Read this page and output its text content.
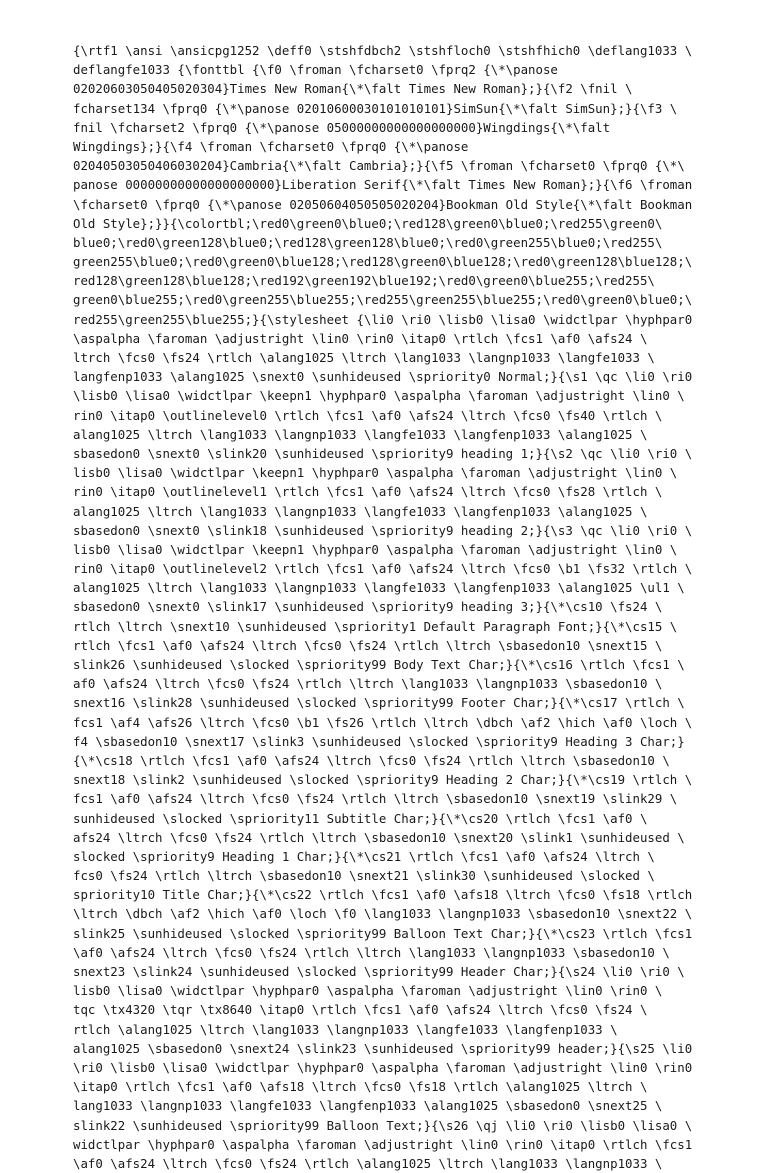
{\rtf1 \ansi \ansicpg1252 \deff0 \stshfdbch2 \stshfloch0 \stshfhich0 \deflang1033 \
deflangfe1033 {\fonttbl {\f0 \froman \fcharset0 \fprq2 {\*\panose
02020603050405020304}Times New Roman{\*\falt Times New Roman};}{\f2 \fnil \
fcharset134 \fprq0 {\*\panose 02010600030101010101}SimSun{\*\falt SimSun};}{\f3 \
fnil \fcharset2 \fprq0 {\*\panose 05000000000000000000}Wingdings{\*\falt
Wingdings};}{\f4 \froman \fcharset0 \fprq0 {\*\panose
02040503050406030204}Cambria{\*\falt Cambria};}{\f5 \froman \fcharset0 \fprq0 {\*\
panose 00000000000000000000}Liberation Serif{\*\falt Times New Roman};}{\f6 \froman
\fcharset0 \fprq0 {\*\panose 02050604050505020204}Bookman Old Style{\*\falt Bookman
Old Style};}}{\colortbl;\red0\green0\blue0;\red128\green0\blue0;\red255\green0\
blue0;\red0\green128\blue0;\red128\green128\blue0;\red0\green255\blue0;\red255\
green255\blue0;\red0\green0\blue128;\red128\green0\blue128;\red0\green128\blue128;\
red128\green128\blue128;\red192\green192\blue192;\red0\green0\blue255;\red255\
green0\blue255;\red0\green255\blue255;\red255\green255\blue255;\red0\green0\blue0;\
red255\green255\blue255;}{\stylesheet {\li0 \ri0 \lisb0 \lisa0 \widctlpar \hyphpar0
\aspalpha \faroman \adjustright \lin0 \rin0 \itap0 \rtlch \fcs1 \af0 \afs24 \
ltrch \fcs0 \fs24 \rtlch \alang1025 \ltrch \lang1033 \langnp1033 \langfe1033 \
langfenp1033 \alang1025 \snext0 \sunhideused \spriority0 Normal;}{\s1 \qc \li0 \ri0
\lisb0 \lisa0 \widctlpar \keepn1 \hyphpar0 \aspalpha \faroman \adjustright \lin0 \
rin0 \itap0 \outlinelevel0 \rtlch \fcs1 \af0 \afs24 \ltrch \fcs0 \fs40 \rtlch \
alang1025 \ltrch \lang1033 \langnp1033 \langfe1033 \langfenp1033 \alang1025 \
sbasedon0 \snext0 \slink20 \sunhideused \spriority9 heading 1;}{\s2 \qc \li0 \ri0 \
lisb0 \lisa0 \widctlpar \keepn1 \hyphpar0 \aspalpha \faroman \adjustright \lin0 \
rin0 \itap0 \outlinelevel1 \rtlch \fcs1 \af0 \afs24 \ltrch \fcs0 \fs28 \rtlch \
alang1025 \ltrch \lang1033 \langnp1033 \langfe1033 \langfenp1033 \alang1025 \
sbasedon0 \snext0 \slink18 \sunhideused \spriority9 heading 2;}{\s3 \qc \li0 \ri0 \
lisb0 \lisa0 \widctlpar \keepn1 \hyphpar0 \aspalpha \faroman \adjustright \lin0 \
rin0 \itap0 \outlinelevel2 \rtlch \fcs1 \af0 \afs24 \ltrch \fcs0 \b1 \fs32 \rtlch \
alang1025 \ltrch \lang1033 \langnp1033 \langfe1033 \langfenp1033 \alang1025 \ul1 \
sbasedon0 \snext0 \slink17 \sunhideused \spriority9 heading 3;}{\*\cs10 \fs24 \
rtlch \ltrch \snext10 \sunhideused \spriority1 Default Paragraph Font;}{\*\cs15 \
rtlch \fcs1 \af0 \afs24 \ltrch \fcs0 \fs24 \rtlch \ltrch \sbasedon10 \snext15 \
slink26 \sunhideused \slocked \spriority99 Body Text Char;}{\*\cs16 \rtlch \fcs1 \
af0 \afs24 \ltrch \fcs0 \fs24 \rtlch \ltrch \lang1033 \langnp1033 \sbasedon10 \
snext16 \slink28 \sunhideused \slocked \spriority99 Footer Char;}{\*\cs17 \rtlch \
fcs1 \af4 \afs26 \ltrch \fcs0 \b1 \fs26 \rtlch \ltrch \dbch \af2 \hich \af0 \loch \
f4 \sbasedon10 \snext17 \slink3 \sunhideused \slocked \spriority9 Heading 3 Char;}
{\*\cs18 \rtlch \fcs1 \af0 \afs24 \ltrch \fcs0 \fs24 \rtlch \ltrch \sbasedon10 \
snext18 \slink2 \sunhideused \slocked \spriority9 Heading 2 Char;}{\*\cs19 \rtlch \
fcs1 \af0 \afs24 \ltrch \fcs0 \fs24 \rtlch \ltrch \sbasedon10 \snext19 \slink29 \
sunhideused \slocked \spriority11 Subtitle Char;}{\*\cs20 \rtlch \fcs1 \af0 \
afs24 \ltrch \fcs0 \fs24 \rtlch \ltrch \sbasedon10 \snext20 \slink1 \sunhideused \
slocked \spriority9 Heading 1 Char;}{\*\cs21 \rtlch \fcs1 \af0 \afs24 \ltrch \
fcs0 \fs24 \rtlch \ltrch \sbasedon10 \snext21 \slink30 \sunhideused \slocked \
spriority10 Title Char;}{\*\cs22 \rtlch \fcs1 \af0 \afs18 \ltrch \fcs0 \fs18 \rtlch
\ltrch \dbch \af2 \hich \af0 \loch \f0 \lang1033 \langnp1033 \sbasedon10 \snext22 \
slink25 \sunhideused \slocked \spriority99 Balloon Text Char;}{\*\cs23 \rtlch \fcs1
\af0 \afs24 \ltrch \fcs0 \fs24 \rtlch \ltrch \lang1033 \langnp1033 \sbasedon10 \
snext23 \slink24 \sunhideused \slocked \spriority99 Header Char;}{\s24 \li0 \ri0 \
lisb0 \lisa0 \widctlpar \hyphpar0 \aspalpha \faroman \adjustright \lin0 \rin0 \
tqc \tx4320 \tqr \tx8640 \itap0 \rtlch \fcs1 \af0 \afs24 \ltrch \fcs0 \fs24 \
rtlch \alang1025 \ltrch \lang1033 \langnp1033 \langfe1033 \langfenp1033 \
alang1025 \sbasedon0 \snext24 \slink23 \sunhideused \spriority99 header;}{\s25 \li0
\ri0 \lisb0 \lisa0 \widctlpar \hyphpar0 \aspalpha \faroman \adjustright \lin0 \rin0
\itap0 \rtlch \fcs1 \af0 \afs18 \ltrch \fcs0 \fs18 \rtlch \alang1025 \ltrch \
lang1033 \langnp1033 \langfe1033 \langfenp1033 \alang1025 \sbasedon0 \snext25 \
slink22 \sunhideused \spriority99 Balloon Text;}{\s26 \qj \li0 \ri0 \lisb0 \lisa0 \
widctlpar \hyphpar0 \aspalpha \faroman \adjustright \lin0 \rin0 \itap0 \rtlch \fcs1
\af0 \afs24 \ltrch \fcs0 \fs24 \rtlch \alang1025 \ltrch \lang1033 \langnp1033 \
